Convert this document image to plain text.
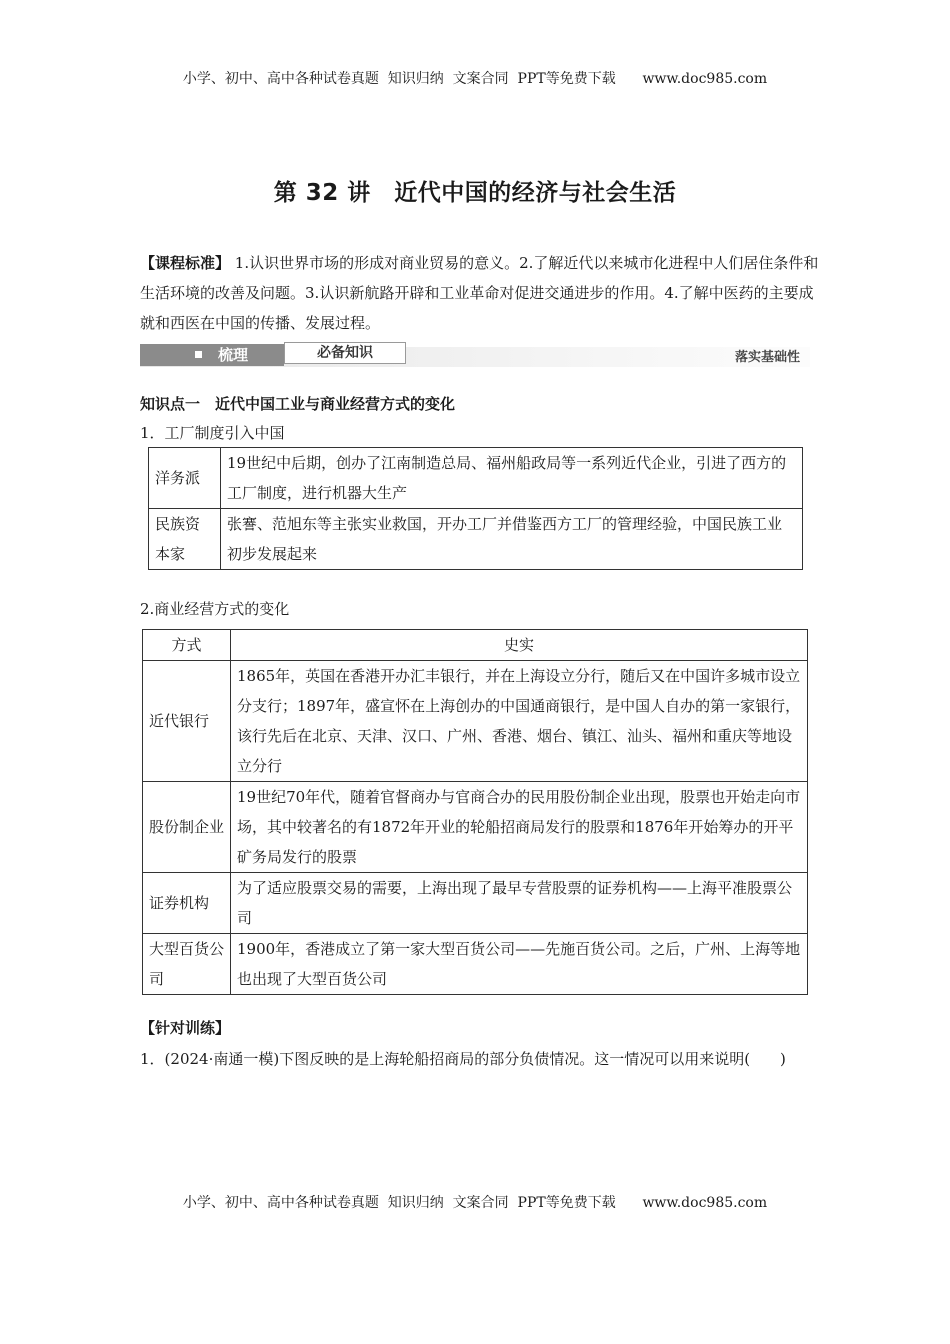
小学、初中、高中各种试卷真题  知识归纳  文案合同  PPT等免费下载      www.doc985.com
第 32 讲　近代中国的经济与社会生活
【课程标准】 1.认识世界市场的形成对商业贸易的意义。2.了解近代以来城市化进程中人们居住条件和生活环境的改善及问题。3.认识新航路开辟和工业革命对促进交通进步的作用。4.了解中医药的主要成就和西医在中国的传播、发展过程。
梳理	必备知识	落实基础性
知识点一　近代中国工业与商业经营方式的变化
1．工厂制度引入中国
洋务派	19世纪中后期，创办了江南制造总局、福州船政局等一系列近代企业，引进了西方的工厂制度，进行机器大生产
民族资本家	张謇、范旭东等主张实业救国，开办工厂并借鉴西方工厂的管理经验，中国民族工业初步发展起来
2.商业经营方式的变化
方式	史实
近代银行	1865年，英国在香港开办汇丰银行，并在上海设立分行，随后又在中国许多城市设立分支行；1897年，盛宣怀在上海创办的中国通商银行，是中国人自办的第一家银行，该行先后在北京、天津、汉口、广州、香港、烟台、镇江、汕头、福州和重庆等地设立分行
股份制企业	19世纪70年代，随着官督商办与官商合办的民用股份制企业出现，股票也开始走向市场，其中较著名的有1872年开业的轮船招商局发行的股票和1876年开始筹办的开平矿务局发行的股票
证券机构	为了适应股票交易的需要，上海出现了最早专营股票的证券机构——上海平准股票公司
大型百货公司	1900年，香港成立了第一家大型百货公司——先施百货公司。之后，广州、上海等地也出现了大型百货公司
【针对训练】
1．(2024·南通一模)下图反映的是上海轮船招商局的部分负债情况。这一情况可以用来说明(　　)
小学、初中、高中各种试卷真题  知识归纳  文案合同  PPT等免费下载      www.doc985.com
